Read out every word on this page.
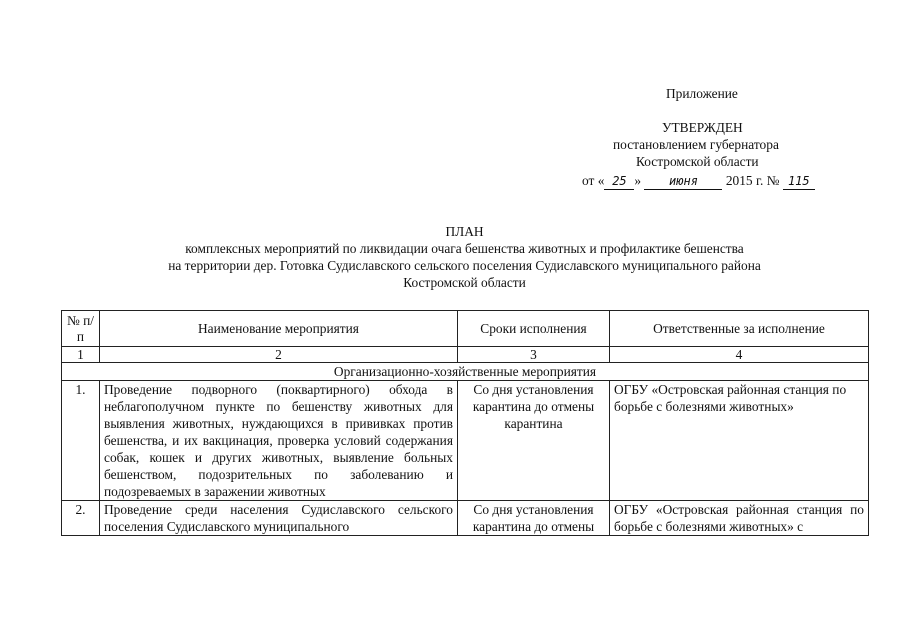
Приложение
УТВЕРЖДЕН
постановлением губернатора
Костромской области
от « 25 » июня 2015 г. № 115
ПЛАН
комплексных мероприятий по ликвидации очага бешенства животных и профилактике бешенства
на территории дер. Готовка Судиславского сельского поселения Судиславского муниципального района
Костромской области
№ п/п	Наименование мероприятия	Сроки исполнения	Ответственные за исполнение
1	2	3	4
Организационно-хозяйственные мероприятия			
1.	Проведение подворного (поквартирного) обхода в неблагополучном пункте по бешенству животных для выявления животных, нуждающихся в прививках против бешенства, и их вакцинация, проверка условий содержания собак, кошек и других животных, выявление больных бешенством, подозрительных по заболеванию и подозреваемых в заражении животных	Со дня установления карантина до отмены карантина	ОГБУ «Островская районная станция по борьбе с болезнями животных»
2.	Проведение среди населения Судиславского сельского поселения Судиславского муниципального	Со дня установления карантина до отмены	ОГБУ «Островская районная станция по борьбе с болезнями животных» с
